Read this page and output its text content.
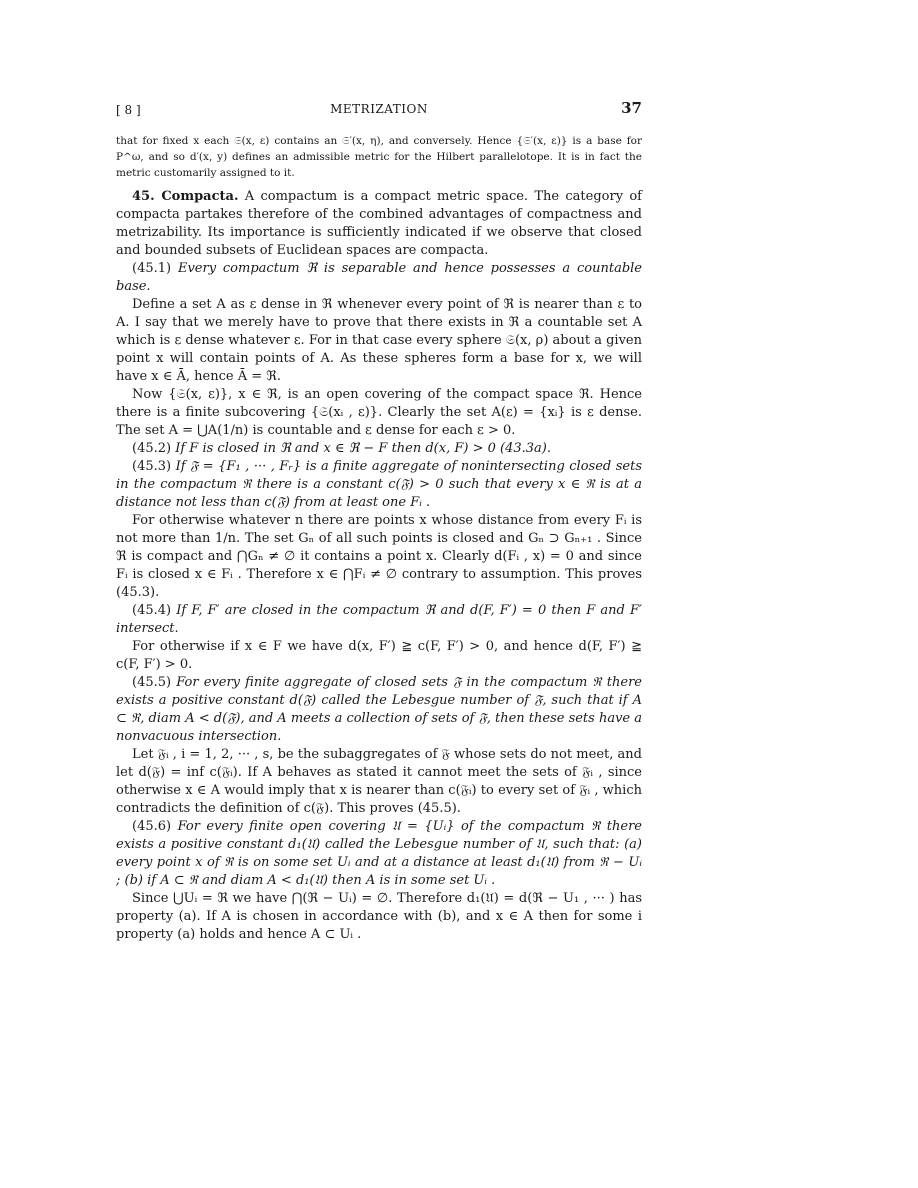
[ 8 ]	METRIZATION	37
that for fixed x each 𝔖(x, ε) contains an 𝔖′(x, η), and conversely. Hence {𝔖′(x, ε)} is a base for P^ω, and so d′(x, y) defines an admissible metric for the Hilbert parallelotope. It is in fact the metric customarily assigned to it.

45. Compacta. A compactum is a compact metric space. The category of compacta partakes therefore of the combined advantages of compactness and metrizability. Its importance is sufficiently indicated if we observe that closed and bounded subsets of Euclidean spaces are compacta.

(45.1) Every compactum ℜ is separable and hence possesses a countable base.

Define a set A as ε dense in ℜ whenever every point of ℜ is nearer than ε to A. I say that we merely have to prove that there exists in ℜ a countable set A which is ε dense whatever ε. For in that case every sphere 𝔖(x, ρ) about a given point x will contain points of A. As these spheres form a base for x, we will have x ∈ Ā, hence Ā = ℜ.

Now {𝔖(x, ε)}, x ∈ ℜ, is an open covering of the compact space ℜ. Hence there is a finite subcovering {𝔖(xᵢ , ε)}. Clearly the set A(ε) = {xᵢ} is ε dense. The set A = ⋃A(1/n) is countable and ε dense for each ε > 0.

(45.2) If F is closed in ℜ and x ∈ ℜ − F then d(x, F) > 0 (43.3a).

(45.3) If 𝔉 = {F₁ , ··· , Fᵣ} is a finite aggregate of nonintersecting closed sets in the compactum ℜ there is a constant c(𝔉) > 0 such that every x ∈ ℜ is at a distance not less than c(𝔉) from at least one Fᵢ .

For otherwise whatever n there are points x whose distance from every Fᵢ is not more than 1/n. The set Gₙ of all such points is closed and Gₙ ⊃ Gₙ₊₁ . Since ℜ is compact and ⋂Gₙ ≠ ∅ it contains a point x. Clearly d(Fᵢ , x) = 0 and since Fᵢ is closed x ∈ Fᵢ . Therefore x ∈ ⋂Fᵢ ≠ ∅ contrary to assumption. This proves (45.3).

(45.4) If F, F′ are closed in the compactum ℜ and d(F, F′) = 0 then F and F′ intersect.

For otherwise if x ∈ F we have d(x, F′) ≧ c(F, F′) > 0, and hence d(F, F′) ≧ c(F, F′) > 0.

(45.5) For every finite aggregate of closed sets 𝔉 in the compactum ℜ there exists a positive constant d(𝔉) called the Lebesgue number of 𝔉, such that if A ⊂ ℜ, diam A < d(𝔉), and A meets a collection of sets of 𝔉, then these sets have a nonvacuous intersection.

Let 𝔉ᵢ , i = 1, 2, ··· , s, be the subaggregates of 𝔉 whose sets do not meet, and let d(𝔉) = inf c(𝔉ᵢ). If A behaves as stated it cannot meet the sets of 𝔉ᵢ , since otherwise x ∈ A would imply that x is nearer than c(𝔉ᵢ) to every set of 𝔉ᵢ , which contradicts the definition of c(𝔉). This proves (45.5).

(45.6) For every finite open covering 𝔘 = {Uᵢ} of the compactum ℜ there exists a positive constant d₁(𝔘) called the Lebesgue number of 𝔘, such that: (a) every point x of ℜ is on some set Uᵢ and at a distance at least d₁(𝔘) from ℜ − Uᵢ ; (b) if A ⊂ ℜ and diam A < d₁(𝔘) then A is in some set Uᵢ .

Since ⋃Uᵢ = ℜ we have ⋂(ℜ − Uᵢ) = ∅. Therefore d₁(𝔘) = d(ℜ − U₁ , ··· ) has property (a). If A is chosen in accordance with (b), and x ∈ A then for some i property (a) holds and hence A ⊂ Uᵢ .
